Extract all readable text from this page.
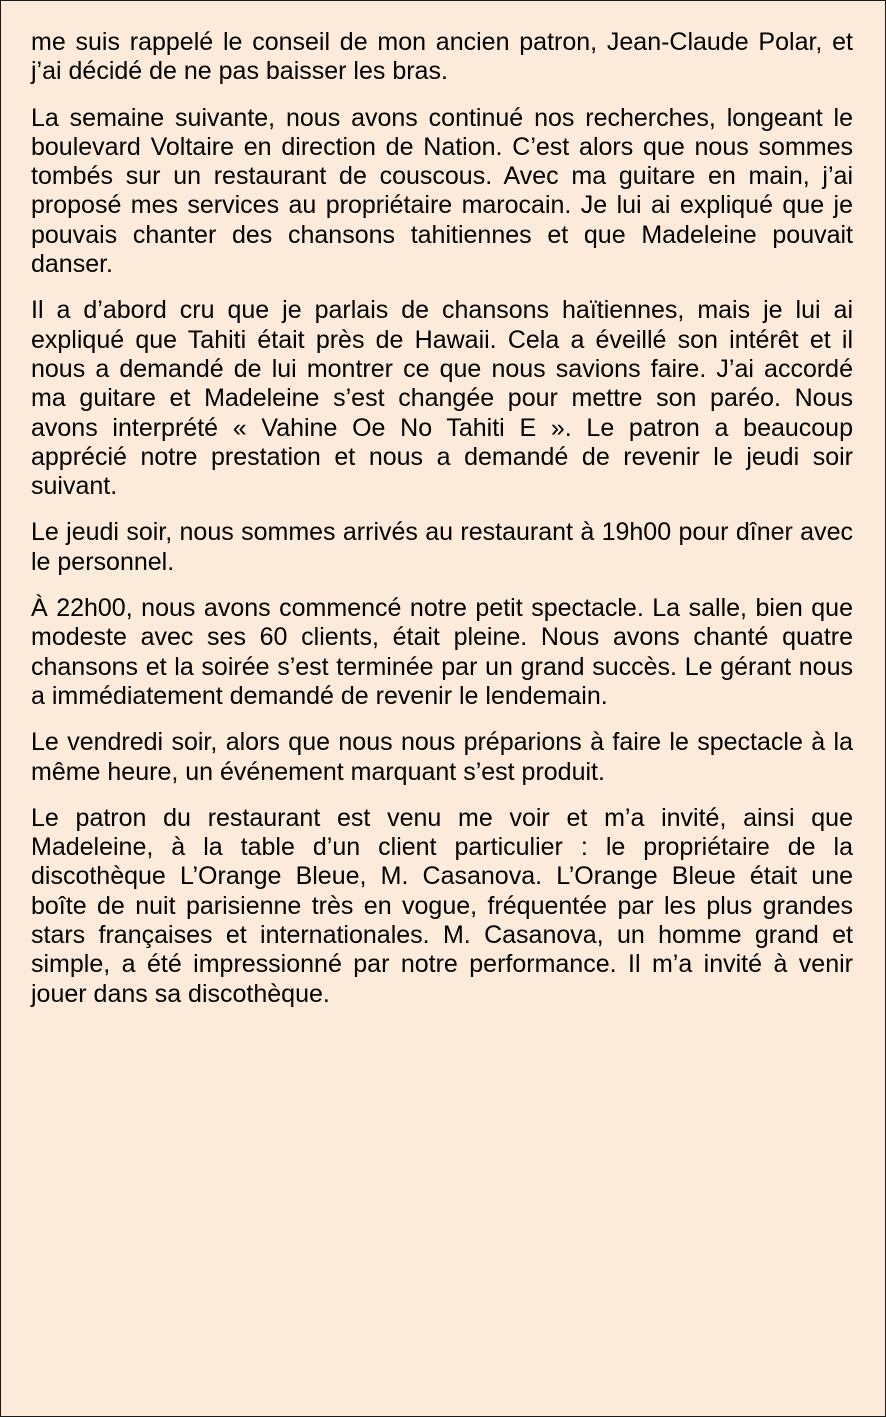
me suis rappelé le conseil de mon ancien patron, Jean-Claude Polar, et j’ai décidé de ne pas baisser les bras.

La semaine suivante, nous avons continué nos recherches, longeant le boulevard Voltaire en direction de Nation. C’est alors que nous sommes tombés sur un restaurant de couscous. Avec ma guitare en main, j’ai proposé mes services au propriétaire marocain. Je lui ai expliqué que je pouvais chanter des chansons tahitiennes et que Madeleine pouvait danser.

Il a d’abord cru que je parlais de chansons haïtiennes, mais je lui ai expliqué que Tahiti était près de Hawaii. Cela a éveillé son intérêt et il nous a demandé de lui montrer ce que nous savions faire. J’ai accordé ma guitare et Madeleine s’est changée pour mettre son paréo. Nous avons interprété « Vahine Oe No Tahiti E ». Le patron a beaucoup apprécié notre prestation et nous a demandé de revenir le jeudi soir suivant.

Le jeudi soir, nous sommes arrivés au restaurant à 19h00 pour dîner avec le personnel.

À 22h00, nous avons commencé notre petit spectacle. La salle, bien que modeste avec ses 60 clients, était pleine. Nous avons chanté quatre chansons et la soirée s’est terminée par un grand succès. Le gérant nous a immédiatement demandé de revenir le lendemain.

Le vendredi soir, alors que nous nous préparions à faire le spectacle à la même heure, un événement marquant s’est produit.

Le patron du restaurant est venu me voir et m’a invité, ainsi que Madeleine, à la table d’un client particulier : le propriétaire de la discothèque L’Orange Bleue, M. Casanova. L’Orange Bleue était une boîte de nuit parisienne très en vogue, fréquentée par les plus grandes stars françaises et internationales. M. Casanova, un homme grand et simple, a été impressionné par notre performance. Il m’a invité à venir jouer dans sa discothèque.
